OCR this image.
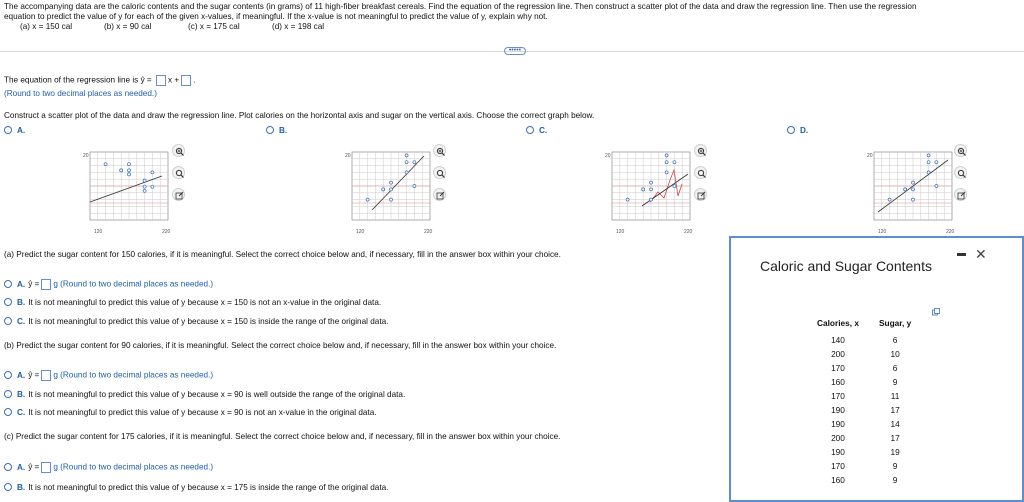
The accompanying data are the caloric contents and the sugar contents (in grams) of 11 high-fiber breakfast cereals. Find the equation of the regression line. Then construct a scatter plot of the data and draw the regression line. Then use the regression
equation to predict the value of y for each of the given x-values, if meaningful. If the x-value is not meaningful to predict the value of y, explain why not.
(a) x = 150 cal	(b) x = 90 cal	(c) x = 175 cal	(d) x = 198 cal
•••••
The equation of the regression line is ŷ = x + .
(Round to two decimal places as needed.)
Construct a scatter plot of the data and draw the regression line. Plot calories on the horizontal axis and sugar on the vertical axis. Choose the correct graph below.
A.	B.	C.	D.
20
120	220
20
120	220
20
120	220
20
120	220
(a) Predict the sugar content for 150 calories, if it is meaningful. Select the correct choice below and, if necessary, fill in the answer box within your choice.
A. ŷ = g (Round to two decimal places as needed.)
B. It is not meaningful to predict this value of y because x = 150 is not an x-value in the original data.
C. It is not meaningful to predict this value of y because x = 150 is inside the range of the original data.
(b) Predict the sugar content for 90 calories, if it is meaningful. Select the correct choice below and, if necessary, fill in the answer box within your choice.
A. ŷ = g (Round to two decimal places as needed.)
B. It is not meaningful to predict this value of y because x = 90 is well outside the range of the original data.
C. It is not meaningful to predict this value of y because x = 90 is not an x-value in the original data.
(c) Predict the sugar content for 175 calories, if it is meaningful. Select the correct choice below and, if necessary, fill in the answer box within your choice.
A. ŷ = g (Round to two decimal places as needed.)
B. It is not meaningful to predict this value of y because x = 175 is inside the range of the original data.
Caloric and Sugar Contents
✕
Calories, x	Sugar, y
140	6
200	10
170	6
160	9
170	11
190	17
190	14
200	17
190	19
170	9
160	9
